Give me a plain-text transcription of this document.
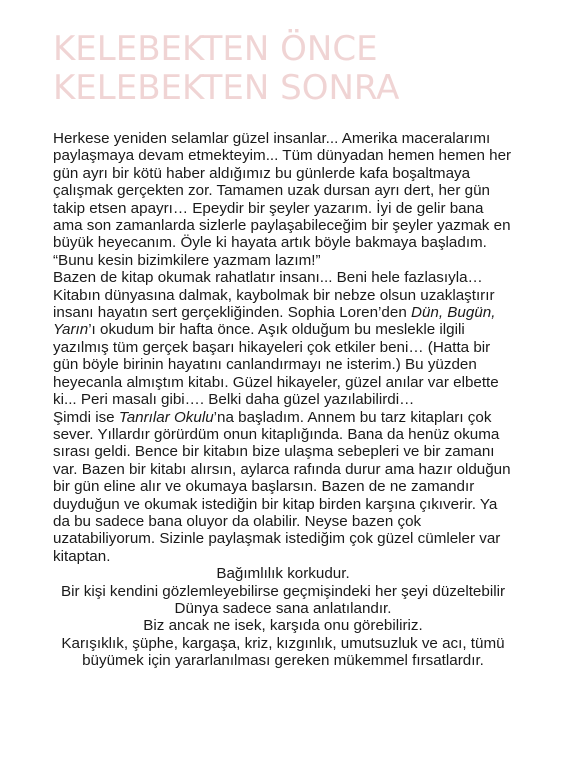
KELEBEKTEN ÖNCE
KELEBEKTEN SONRA

Herkese yeniden selamlar güzel insanlar... Amerika maceralarımı paylaşmaya devam etmekteyim... Tüm dünyadan hemen hemen her gün ayrı bir kötü haber aldığımız bu günlerde kafa boşaltmaya çalışmak gerçekten zor. Tamamen uzak dursan ayrı dert, her gün takip etsen apayrı… Epeydir bir şeyler yazarım. İyi de gelir bana ama son zamanlarda sizlerle paylaşabileceğim bir şeyler yazmak en büyük heyecanım. Öyle ki hayata artık böyle bakmaya başladım. “Bunu kesin bizimkilere yazmam lazım!”

Bazen de kitap okumak rahatlatır insanı... Beni hele fazlasıyla… Kitabın dünyasına dalmak, kaybolmak bir nebze olsun uzaklaştırır insanı hayatın sert gerçekliğinden. Sophia Loren’den Dün, Bugün, Yarın’ı okudum bir hafta önce. Aşık olduğum bu meslekle ilgili yazılmış tüm gerçek başarı hikayeleri çok etkiler beni… (Hatta bir gün böyle birinin hayatını canlandırmayı ne isterim.) Bu yüzden heyecanla almıştım kitabı. Güzel hikayeler, güzel anılar var elbette ki... Peri masalı gibi…. Belki daha güzel yazılabilirdi…

Şimdi ise Tanrılar Okulu’na başladım. Annem bu tarz kitapları çok sever. Yıllardır görürdüm onun kitaplığında. Bana da henüz okuma sırası geldi. Bence bir kitabın bize ulaşma sebepleri ve bir zamanı var. Bazen bir kitabı alırsın, aylarca rafında durur ama hazır olduğun bir gün eline alır ve okumaya başlarsın. Bazen de ne zamandır duyduğun ve okumak istediğin bir kitap birden karşına çıkıverir. Ya da bu sadece bana oluyor da olabilir. Neyse bazen çok uzatabiliyorum. Sizinle paylaşmak istediğim çok güzel cümleler var kitaptan.

Bağımlılık korkudur.

Bir kişi kendini gözlemleyebilirse geçmişindeki her şeyi düzeltebilir

Dünya sadece sana anlatılandır.

Biz ancak ne isek, karşıda onu görebiliriz.

Karışıklık, şüphe, kargaşa, kriz, kızgınlık, umutsuzluk ve acı, tümü büyümek için yararlanılması gereken mükemmel fırsatlardır.
